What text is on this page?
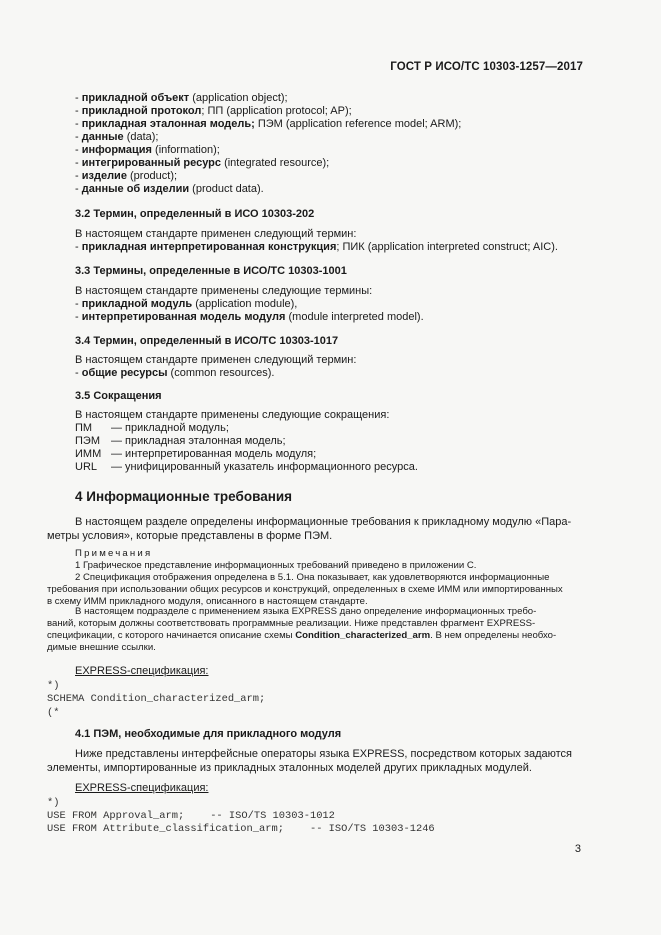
ГОСТ Р ИСО/ТС 10303-1257—2017
- прикладной объект (application object);
- прикладной протокол; ПП (application protocol; AP);
- прикладная эталонная модель; ПЭМ (application reference model; ARM);
- данные (data);
- информация (information);
- интегрированный ресурс (integrated resource);
- изделие (product);
- данные об изделии (product data).
3.2 Термин, определенный в ИСО 10303-202
В настоящем стандарте применен следующий термин:
- прикладная интерпретированная конструкция; ПИК (application interpreted construct; AIC).
3.3 Термины, определенные в ИСО/ТС 10303-1001
В настоящем стандарте применены следующие термины:
- прикладной модуль (application module),
- интерпретированная модель модуля (module interpreted model).
3.4 Термин, определенный в ИСО/ТС 10303-1017
В настоящем стандарте применен следующий термин:
- общие ресурсы (common resources).
3.5 Сокращения
В настоящем стандарте применены следующие сокращения:
ПМ — прикладной модуль;
ПЭМ — прикладная эталонная модель;
ИММ — интерпретированная модель модуля;
URL — унифицированный указатель информационного ресурса.
4 Информационные требования
В настоящем разделе определены информационные требования к прикладному модулю «Пара-
метры условия», которые представлены в форме ПЭМ.
Примечания
1 Графическое представление информационных требований приведено в приложении С.
2 Спецификация отображения определена в 5.1. Она показывает, как удовлетворяются информационные
требования при использовании общих ресурсов и конструкций, определенных в схеме ИММ или импортированных
в схему ИММ прикладного модуля, описанного в настоящем стандарте.
В настоящем подразделе с применением языка EXPRESS дано определение информационных требо-
ваний, которым должны соответствовать программные реализации. Ниже представлен фрагмент EXPRESS-
спецификации, с которого начинается описание схемы Condition_characterized_arm. В нем определены необхо-
димые внешние ссылки.
EXPRESS-спецификация:
*)
SCHEMA Condition_characterized_arm;
(*
4.1 ПЭМ, необходимые для прикладного модуля
Ниже представлены интерфейсные операторы языка EXPRESS, посредством которых задаются
элементы, импортированные из прикладных эталонных моделей других прикладных модулей.
EXPRESS-спецификация:
*)
USE FROM Approval_arm;	-- ISO/TS 10303-1012
USE FROM Attribute_classification_arm;	-- ISO/TS 10303-1246
3
